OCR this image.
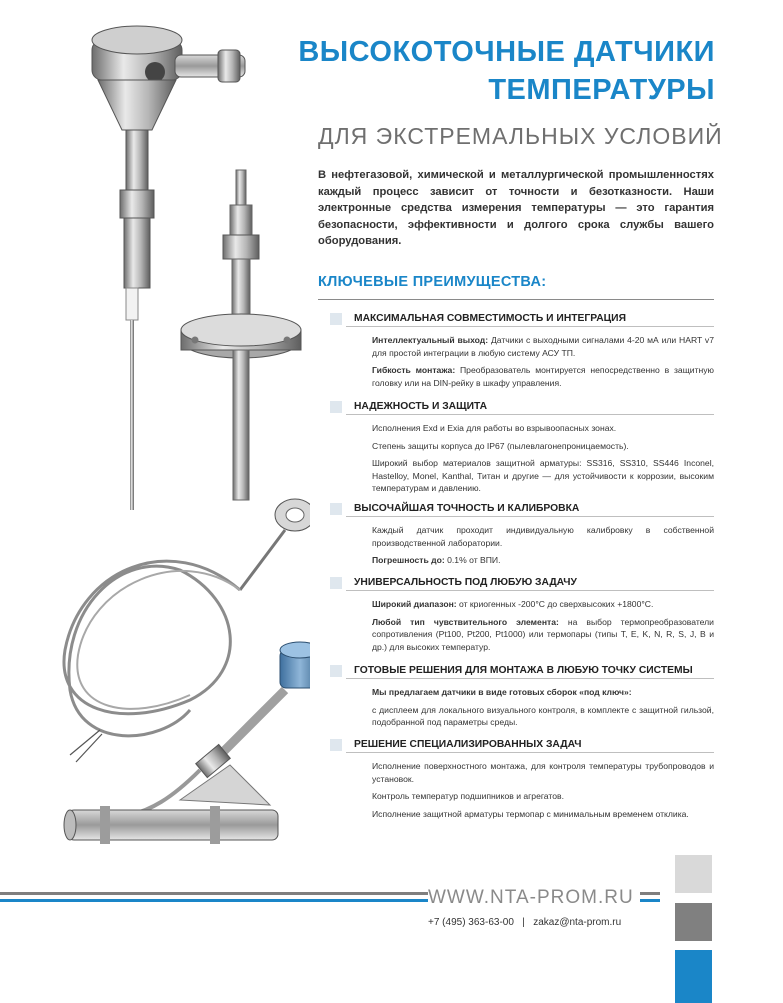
ВЫСОКОТОЧНЫЕ ДАТЧИКИ
ТЕМПЕРАТУРЫ
ДЛЯ ЭКСТРЕМАЛЬНЫХ УСЛОВИЙ
В нефтегазовой, химической и металлургической промышленностях каждый процесс зависит от точности и безотказности. Наши электронные средства измерения температуры — это гарантия безопасности, эффективности и долгого срока службы вашего оборудования.
КЛЮЧЕВЫЕ ПРЕИМУЩЕСТВА:
МАКСИМАЛЬНАЯ СОВМЕСТИМОСТЬ И ИНТЕГРАЦИЯ
Интеллектуальный выход: Датчики с выходными сигналами 4-20 мА или HART v7 для простой интеграции в любую систему АСУ ТП.
Гибкость монтажа: Преобразователь монтируется непосредственно в защитную головку или на DIN-рейку в шкафу управления.
НАДЕЖНОСТЬ И ЗАЩИТА
Исполнения Exd и Exia для работы во взрывоопасных зонах.
Степень защиты корпуса до IP67 (пылевлагонепроницаемость).
Широкий выбор материалов защитной арматуры: SS316, SS310, SS446 Inconel, Hastelloy, Monel, Kanthal, Титан и другие — для устойчивости к коррозии, высоким температурам и давлению.
ВЫСОЧАЙШАЯ ТОЧНОСТЬ И КАЛИБРОВКА
Каждый датчик проходит индивидуальную калибровку в собственной производственной лаборатории.
Погрешность до: 0.1% от ВПИ.
УНИВЕРСАЛЬНОСТЬ ПОД ЛЮБУЮ ЗАДАЧУ
Широкий диапазон: от криогенных -200°C до сверхвысоких +1800°C.
Любой тип чувствительного элемента: на выбор термопреобразователи сопротивления (Pt100, Pt200, Pt1000) или термопары (типы T, E, K, N, R, S, J, B и др.) для высоких температур.
ГОТОВЫЕ РЕШЕНИЯ ДЛЯ МОНТАЖА В ЛЮБУЮ ТОЧКУ СИСТЕМЫ
Мы предлагаем датчики в виде готовых сборок «под ключ»:
с дисплеем для локального визуального контроля, в комплекте с защитной гильзой, подобранной под параметры среды.
РЕШЕНИЕ СПЕЦИАЛИЗИРОВАННЫХ ЗАДАЧ
Исполнение поверхностного монтажа, для контроля температуры трубопроводов и установок.
Контроль температур подшипников и агрегатов.
Исполнение защитной арматуры термопар с минимальным временем отклика.
WWW.NTA-PROM.RU
+7 (495) 363-63-00 | zakaz@nta-prom.ru
